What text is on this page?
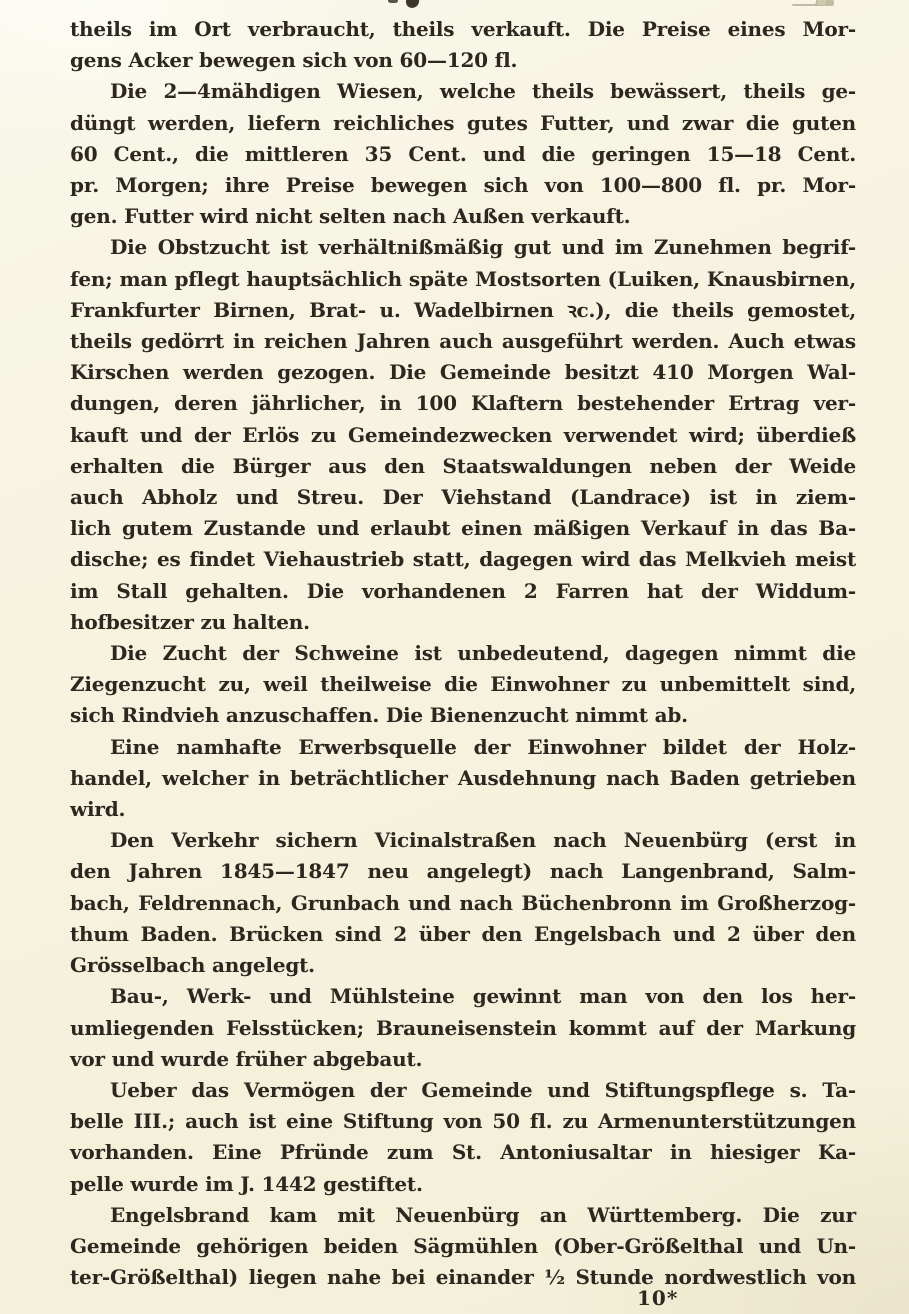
theils im Ort verbraucht, theils verkauft. Die Preise eines Mor-
gens Acker bewegen sich von 60—120 fl.
Die 2—4mähdigen Wiesen, welche theils bewässert, theils ge-
düngt werden, liefern reichliches gutes Futter, und zwar die guten
60 Cent., die mittleren 35 Cent. und die geringen 15—18 Cent.
pr. Morgen; ihre Preise bewegen sich von 100—800 fl. pr. Mor-
gen. Futter wird nicht selten nach Außen verkauft.
Die Obstzucht ist verhältnißmäßig gut und im Zunehmen begrif-
fen; man pflegt hauptsächlich späte Mostsorten (Luiken, Knausbirnen,
Frankfurter Birnen, Brat- u. Wadelbirnen ꝛc.), die theils gemostet,
theils gedörrt in reichen Jahren auch ausgeführt werden. Auch etwas
Kirschen werden gezogen. Die Gemeinde besitzt 410 Morgen Wal-
dungen, deren jährlicher, in 100 Klaftern bestehender Ertrag ver-
kauft und der Erlös zu Gemeindezwecken verwendet wird; überdieß
erhalten die Bürger aus den Staatswaldungen neben der Weide
auch Abholz und Streu. Der Viehstand (Landrace) ist in ziem-
lich gutem Zustande und erlaubt einen mäßigen Verkauf in das Ba-
dische; es findet Viehaustrieb statt, dagegen wird das Melkvieh meist
im Stall gehalten. Die vorhandenen 2 Farren hat der Widdum-
hofbesitzer zu halten.
Die Zucht der Schweine ist unbedeutend, dagegen nimmt die
Ziegenzucht zu, weil theilweise die Einwohner zu unbemittelt sind,
sich Rindvieh anzuschaffen. Die Bienenzucht nimmt ab.
Eine namhafte Erwerbsquelle der Einwohner bildet der Holz-
handel, welcher in beträchtlicher Ausdehnung nach Baden getrieben
wird.
Den Verkehr sichern Vicinalstraßen nach Neuenbürg (erst in
den Jahren 1845—1847 neu angelegt) nach Langenbrand, Salm-
bach, Feldrennach, Grunbach und nach Büchenbronn im Großherzog-
thum Baden. Brücken sind 2 über den Engelsbach und 2 über den
Grösselbach angelegt.
Bau-, Werk- und Mühlsteine gewinnt man von den los her-
umliegenden Felsstücken; Brauneisenstein kommt auf der Markung
vor und wurde früher abgebaut.
Ueber das Vermögen der Gemeinde und Stiftungspflege s. Ta-
belle III.; auch ist eine Stiftung von 50 fl. zu Armenunterstützungen
vorhanden. Eine Pfründe zum St. Antoniusaltar in hiesiger Ka-
pelle wurde im J. 1442 gestiftet.
Engelsbrand kam mit Neuenbürg an Württemberg. Die zur
Gemeinde gehörigen beiden Sägmühlen (Ober-Größelthal und Un-
ter-Größelthal) liegen nahe bei einander ½ Stunde nordwestlich von
10*
